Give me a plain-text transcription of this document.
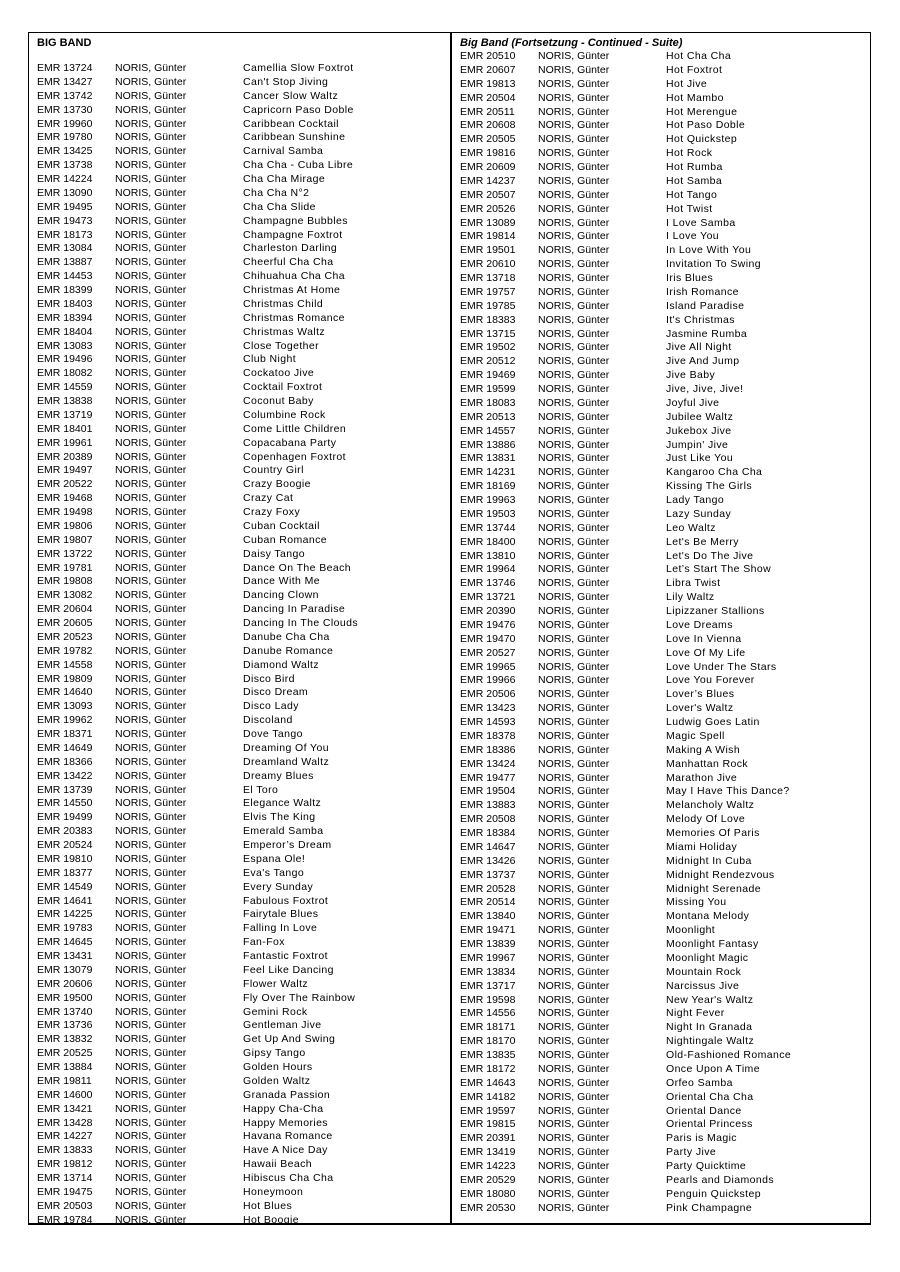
BIG BAND
EMR 13724 NORIS, Günter	Camellia Slow Foxtrot
EMR 13427 NORIS, Günter	Can't Stop Jiving
EMR 13742 NORIS, Günter	Cancer Slow Waltz
EMR 13730 NORIS, Günter	Capricorn Paso Doble
EMR 19960 NORIS, Günter	Caribbean Cocktail
EMR 19780 NORIS, Günter	Caribbean Sunshine
EMR 13425 NORIS, Günter	Carnival Samba
EMR 13738 NORIS, Günter	Cha Cha - Cuba Libre
EMR 14224 NORIS, Günter	Cha Cha Mirage
EMR 13090 NORIS, Günter	Cha Cha N°2
EMR 19495 NORIS, Günter	Cha Cha Slide
EMR 19473 NORIS, Günter	Champagne Bubbles
EMR 18173 NORIS, Günter	Champagne Foxtrot
EMR 13084 NORIS, Günter	Charleston Darling
EMR 13887 NORIS, Günter	Cheerful Cha Cha
EMR 14453 NORIS, Günter	Chihuahua Cha Cha
EMR 18399 NORIS, Günter	Christmas At Home
EMR 18403 NORIS, Günter	Christmas Child
EMR 18394 NORIS, Günter	Christmas Romance
EMR 18404 NORIS, Günter	Christmas Waltz
EMR 13083 NORIS, Günter	Close Together
EMR 19496 NORIS, Günter	Club Night
EMR 18082 NORIS, Günter	Cockatoo Jive
EMR 14559 NORIS, Günter	Cocktail Foxtrot
EMR 13838 NORIS, Günter	Coconut Baby
EMR 13719 NORIS, Günter	Columbine Rock
EMR 18401 NORIS, Günter	Come Little Children
EMR 19961 NORIS, Günter	Copacabana Party
EMR 20389 NORIS, Günter	Copenhagen Foxtrot
EMR 19497 NORIS, Günter	Country Girl
EMR 20522 NORIS, Günter	Crazy Boogie
EMR 19468 NORIS, Günter	Crazy Cat
EMR 19498 NORIS, Günter	Crazy Foxy
EMR 19806 NORIS, Günter	Cuban Cocktail
EMR 19807 NORIS, Günter	Cuban Romance
EMR 13722 NORIS, Günter	Daisy Tango
EMR 19781 NORIS, Günter	Dance On The Beach
EMR 19808 NORIS, Günter	Dance With Me
EMR 13082 NORIS, Günter	Dancing Clown
EMR 20604 NORIS, Günter	Dancing In Paradise
EMR 20605 NORIS, Günter	Dancing In The Clouds
EMR 20523 NORIS, Günter	Danube Cha Cha
EMR 19782 NORIS, Günter	Danube Romance
EMR 14558 NORIS, Günter	Diamond Waltz
EMR 19809 NORIS, Günter	Disco Bird
EMR 14640 NORIS, Günter	Disco Dream
EMR 13093 NORIS, Günter	Disco Lady
EMR 19962 NORIS, Günter	Discoland
EMR 18371 NORIS, Günter	Dove Tango
EMR 14649 NORIS, Günter	Dreaming Of You
EMR 18366 NORIS, Günter	Dreamland Waltz
EMR 13422 NORIS, Günter	Dreamy Blues
EMR 13739 NORIS, Günter	El Toro
EMR 14550 NORIS, Günter	Elegance Waltz
EMR 19499 NORIS, Günter	Elvis The King
EMR 20383 NORIS, Günter	Emerald Samba
EMR 20524 NORIS, Günter	Emperor’s Dream
EMR 19810 NORIS, Günter	Espana Ole!
EMR 18377 NORIS, Günter	Eva's Tango
EMR 14549 NORIS, Günter	Every Sunday
EMR 14641 NORIS, Günter	Fabulous Foxtrot
EMR 14225 NORIS, Günter	Fairytale Blues
EMR 19783 NORIS, Günter	Falling In Love
EMR 14645 NORIS, Günter	Fan-Fox
EMR 13431 NORIS, Günter	Fantastic Foxtrot
EMR 13079 NORIS, Günter	Feel Like Dancing
EMR 20606 NORIS, Günter	Flower Waltz
EMR 19500 NORIS, Günter	Fly Over The Rainbow
EMR 13740 NORIS, Günter	Gemini Rock
EMR 13736 NORIS, Günter	Gentleman Jive
EMR 13832 NORIS, Günter	Get Up And Swing
EMR 20525 NORIS, Günter	Gipsy Tango
EMR 13884 NORIS, Günter	Golden Hours
EMR 19811 NORIS, Günter	Golden Waltz
EMR 14600 NORIS, Günter	Granada Passion
EMR 13421 NORIS, Günter	Happy Cha-Cha
EMR 13428 NORIS, Günter	Happy Memories
EMR 14227 NORIS, Günter	Havana Romance
EMR 13833 NORIS, Günter	Have A Nice Day
EMR 19812 NORIS, Günter	Hawaii Beach
EMR 13714 NORIS, Günter	Hibiscus Cha Cha
EMR 19475 NORIS, Günter	Honeymoon
EMR 20503 NORIS, Günter	Hot Blues
EMR 19784 NORIS, Günter	Hot Boogie
Big Band (Fortsetzung - Continued - Suite)
EMR 20510 NORIS, Günter	Hot Cha Cha
EMR 20607 NORIS, Günter	Hot Foxtrot
EMR 19813 NORIS, Günter	Hot Jive
EMR 20504 NORIS, Günter	Hot Mambo
EMR 20511 NORIS, Günter	Hot Merengue
EMR 20608 NORIS, Günter	Hot Paso Doble
EMR 20505 NORIS, Günter	Hot Quickstep
EMR 19816 NORIS, Günter	Hot Rock
EMR 20609 NORIS, Günter	Hot Rumba
EMR 14237 NORIS, Günter	Hot Samba
EMR 20507 NORIS, Günter	Hot Tango
EMR 20526 NORIS, Günter	Hot Twist
EMR 13089 NORIS, Günter	I Love Samba
EMR 19814 NORIS, Günter	I Love You
EMR 19501 NORIS, Günter	In Love With You
EMR 20610 NORIS, Günter	Invitation To Swing
EMR 13718 NORIS, Günter	Iris Blues
EMR 19757 NORIS, Günter	Irish Romance
EMR 19785 NORIS, Günter	Island Paradise
EMR 18383 NORIS, Günter	It's Christmas
EMR 13715 NORIS, Günter	Jasmine Rumba
EMR 19502 NORIS, Günter	Jive All Night
EMR 20512 NORIS, Günter	Jive And Jump
EMR 19469 NORIS, Günter	Jive Baby
EMR 19599 NORIS, Günter	Jive, Jive, Jive!
EMR 18083 NORIS, Günter	Joyful Jive
EMR 20513 NORIS, Günter	Jubilee Waltz
EMR 14557 NORIS, Günter	Jukebox Jive
EMR 13886 NORIS, Günter	Jumpin' Jive
EMR 13831 NORIS, Günter	Just Like You
EMR 14231 NORIS, Günter	Kangaroo Cha Cha
EMR 18169 NORIS, Günter	Kissing The Girls
EMR 19963 NORIS, Günter	Lady Tango
EMR 19503 NORIS, Günter	Lazy Sunday
EMR 13744 NORIS, Günter	Leo Waltz
EMR 18400 NORIS, Günter	Let's Be Merry
EMR 13810 NORIS, Günter	Let's Do The Jive
EMR 19964 NORIS, Günter	Let’s Start The Show
EMR 13746 NORIS, Günter	Libra Twist
EMR 13721 NORIS, Günter	Lily Waltz
EMR 20390 NORIS, Günter	Lipizzaner Stallions
EMR 19476 NORIS, Günter	Love Dreams
EMR 19470 NORIS, Günter	Love In Vienna
EMR 20527 NORIS, Günter	Love Of My Life
EMR 19965 NORIS, Günter	Love Under The Stars
EMR 19966 NORIS, Günter	Love You Forever
EMR 20506 NORIS, Günter	Lover’s Blues
EMR 13423 NORIS, Günter	Lover's Waltz
EMR 14593 NORIS, Günter	Ludwig Goes Latin
EMR 18378 NORIS, Günter	Magic Spell
EMR 18386 NORIS, Günter	Making A Wish
EMR 13424 NORIS, Günter	Manhattan Rock
EMR 19477 NORIS, Günter	Marathon Jive
EMR 19504 NORIS, Günter	May I Have This Dance?
EMR 13883 NORIS, Günter	Melancholy Waltz
EMR 20508 NORIS, Günter	Melody Of Love
EMR 18384 NORIS, Günter	Memories Of Paris
EMR 14647 NORIS, Günter	Miami Holiday
EMR 13426 NORIS, Günter	Midnight In Cuba
EMR 13737 NORIS, Günter	Midnight Rendezvous
EMR 20528 NORIS, Günter	Midnight Serenade
EMR 20514 NORIS, Günter	Missing You
EMR 13840 NORIS, Günter	Montana Melody
EMR 19471 NORIS, Günter	Moonlight
EMR 13839 NORIS, Günter	Moonlight Fantasy
EMR 19967 NORIS, Günter	Moonlight Magic
EMR 13834 NORIS, Günter	Mountain Rock
EMR 13717 NORIS, Günter	Narcissus Jive
EMR 19598 NORIS, Günter	New Year's Waltz
EMR 14556 NORIS, Günter	Night Fever
EMR 18171 NORIS, Günter	Night In Granada
EMR 18170 NORIS, Günter	Nightingale Waltz
EMR 13835 NORIS, Günter	Old-Fashioned Romance
EMR 18172 NORIS, Günter	Once Upon A Time
EMR 14643 NORIS, Günter	Orfeo Samba
EMR 14182 NORIS, Günter	Oriental Cha Cha
EMR 19597 NORIS, Günter	Oriental Dance
EMR 19815 NORIS, Günter	Oriental Princess
EMR 20391 NORIS, Günter	Paris is Magic
EMR 13419 NORIS, Günter	Party Jive
EMR 14223 NORIS, Günter	Party Quicktime
EMR 20529 NORIS, Günter	Pearls and Diamonds
EMR 18080 NORIS, Günter	Penguin Quickstep
EMR 20530 NORIS, Günter	Pink Champagne
